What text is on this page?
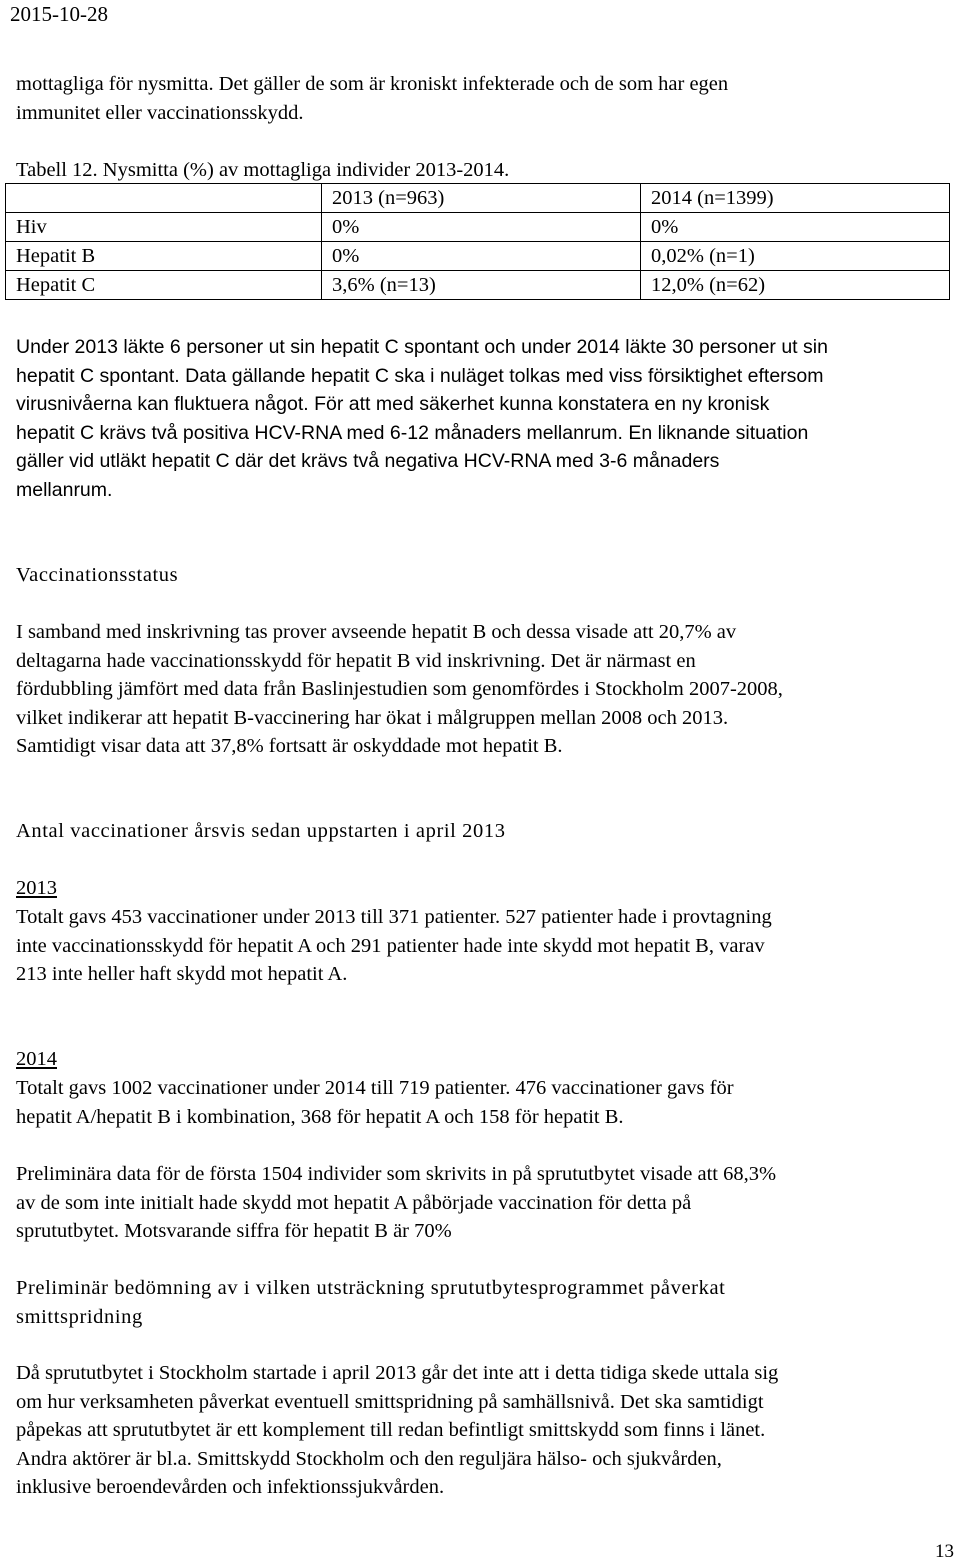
2015-10-28
mottagliga för nysmitta. Det gäller de som är kroniskt infekterade och de som har egen
immunitet eller vaccinationsskydd.
Tabell 12. Nysmitta (%) av mottagliga individer 2013-2014.
	2013 (n=963)	2014 (n=1399)
Hiv	0%	0%
Hepatit B	0%	0,02% (n=1)
Hepatit C	3,6% (n=13)	12,0% (n=62)
Under 2013 läkte 6 personer ut sin hepatit C spontant och under 2014 läkte 30 personer ut sin
hepatit C spontant. Data gällande hepatit C ska i nuläget tolkas med viss försiktighet eftersom
virusnivåerna kan fluktuera något. För att med säkerhet kunna konstatera en ny kronisk
hepatit C krävs två positiva HCV-RNA med 6-12 månaders mellanrum. En liknande situation
gäller vid utläkt hepatit C där det krävs två negativa HCV-RNA med 3-6 månaders
mellanrum.
Vaccinationsstatus
I samband med inskrivning tas prover avseende hepatit B och dessa visade att 20,7% av
deltagarna hade vaccinationsskydd för hepatit B vid inskrivning. Det är närmast en
fördubbling jämfört med data från Baslinjestudien som genomfördes i Stockholm 2007-2008,
vilket indikerar att hepatit B-vaccinering har ökat i målgruppen mellan 2008 och 2013.
Samtidigt visar data att 37,8% fortsatt är oskyddade mot hepatit B.
Antal vaccinationer årsvis sedan uppstarten i april 2013
2013
Totalt gavs 453 vaccinationer under 2013 till 371 patienter. 527 patienter hade i provtagning
inte vaccinationsskydd för hepatit A och 291 patienter hade inte skydd mot hepatit B, varav
213 inte heller haft skydd mot hepatit A.
2014
Totalt gavs 1002 vaccinationer under 2014 till 719 patienter. 476 vaccinationer gavs för
hepatit A/hepatit B i kombination, 368 för hepatit A och 158 för hepatit B.
Preliminära data för de första 1504 individer som skrivits in på sprututbytet visade att 68,3%
av de som inte initialt hade skydd mot hepatit A påbörjade vaccination för detta på
sprututbytet. Motsvarande siffra för hepatit B är 70%
Preliminär bedömning av i vilken utsträckning sprututbytesprogrammet påverkat
smittspridning
Då sprututbytet i Stockholm startade i april 2013 går det inte att i detta tidiga skede uttala sig
om hur verksamheten påverkat eventuell smittspridning på samhällsnivå. Det ska samtidigt
påpekas att sprututbytet är ett komplement till redan befintligt smittskydd som finns i länet.
Andra aktörer är bl.a. Smittskydd Stockholm och den reguljära hälso- och sjukvården,
inklusive beroendevården och infektionssjukvården.
13
